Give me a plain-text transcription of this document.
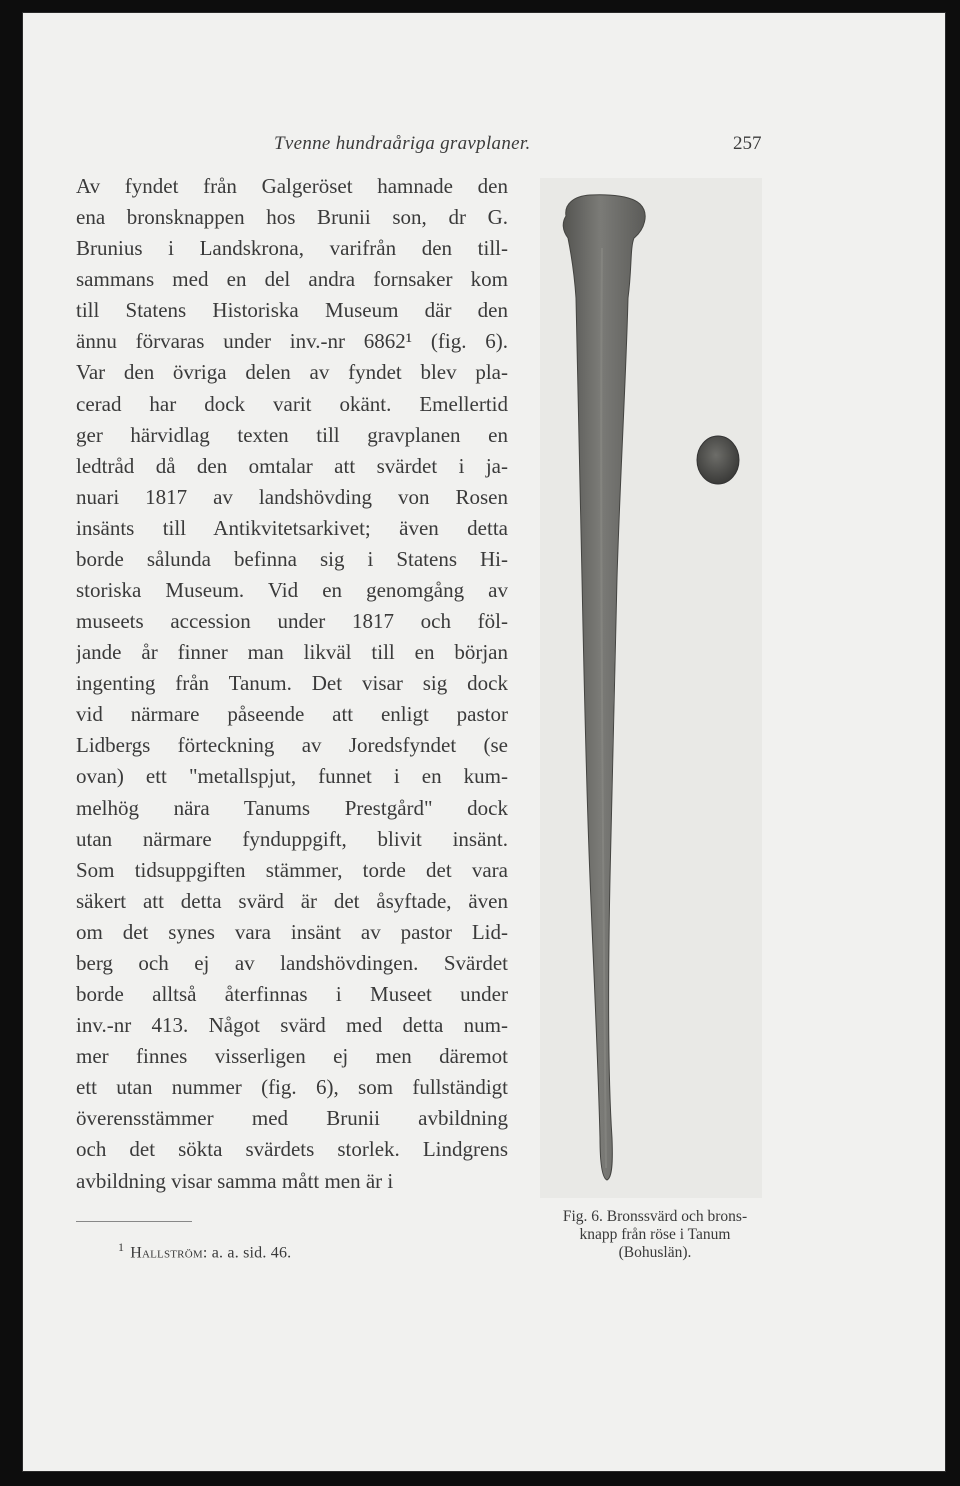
Tvenne hundraåriga gravplaner.	257
Av fyndet från Galgeröset hamnade den
ena bronsknappen hos Brunii son, dr G.
Brunius i Landskrona, varifrån den till-
sammans med en del andra fornsaker kom
till Statens Historiska Museum där den
ännu förvaras under inv.-nr 6862¹ (fig. 6).
Var den övriga delen av fyndet blev pla-
cerad har dock varit okänt. Emellertid
ger härvidlag texten till gravplanen en
ledtråd då den omtalar att svärdet i ja-
nuari 1817 av landshövding von Rosen
insänts till Antikvitetsarkivet; även detta
borde sålunda befinna sig i Statens Hi-
storiska Museum. Vid en genomgång av
museets accession under 1817 och föl-
jande år finner man likväl till en början
ingenting från Tanum. Det visar sig dock
vid närmare påseende att enligt pastor
Lidbergs förteckning av Joredsfyndet (se
ovan) ett "metallspjut, funnet i en kum-
melhög nära Tanums Prestgård" dock
utan närmare fynduppgift, blivit insänt.
Som tidsuppgiften stämmer, torde det vara
säkert att detta svärd är det åsyftade, även
om det synes vara insänt av pastor Lid-
berg och ej av landshövdingen. Svärdet
borde alltså återfinnas i Museet under
inv.-nr 413. Något svärd med detta num-
mer finnes visserligen ej men däremot
ett utan nummer (fig. 6), som fullständigt
överensstämmer med Brunii avbildning
och det sökta svärdets storlek. Lindgrens
avbildning visar samma mått men är i
$^1$ Hallström: a. a. sid. 46.
Fig. 6. Bronssvärd och brons-
knapp från röse i Tanum
(Bohuslän).
